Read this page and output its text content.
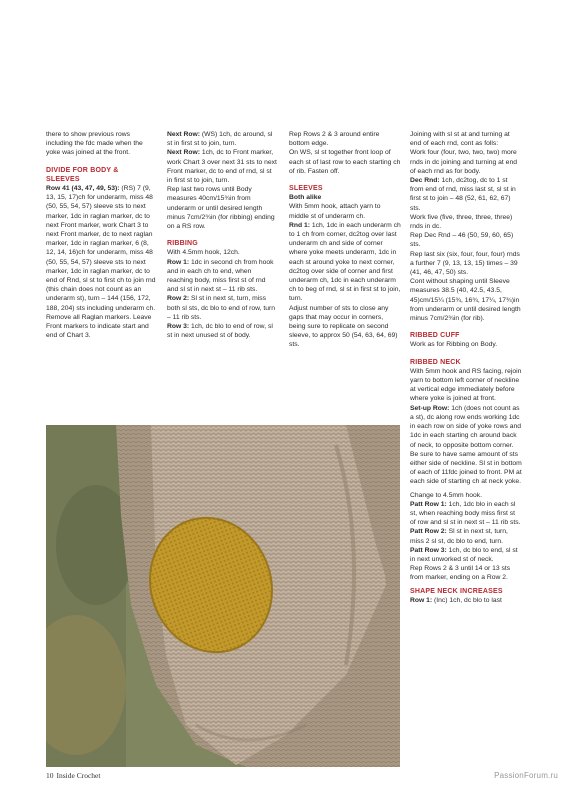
there to show previous rows including the fdc made when the yoke was joined at the front.

DIVIDE FOR BODY &

SLEEVES

Row 41 (43, 47, 49, 53): (RS) 7 (9, 13, 15, 17)ch for underarm, miss 48 (50, 55, 54, 57) sleeve sts to next marker, 1dc in raglan marker, dc to next Front marker, work Chart 3 to next Front marker, dc to next raglan marker, 1dc in raglan marker, 6 (8, 12, 14, 16)ch for underarm, miss 48 (50, 55, 54, 57) sleeve sts to next marker, 1dc in raglan marker, dc to end of Rnd, sl st to first ch to join rnd (this chain does not count as an underarm st), turn – 144 (156, 172, 188, 204) sts including underarm ch. Remove all Raglan markers. Leave Front markers to indicate start and end of Chart 3.

Next Row: (WS) 1ch, dc around, sl st in first st to join, turn.

Next Row: 1ch, dc to Front marker, work Chart 3 over next 31 sts to next Front marker, dc to end of rnd, sl st in first st to join, turn.

Rep last two rows until Body measures 40cm/15¾in from underarm or until desired length minus 7cm/2¾in (for ribbing) ending on a RS row.

RIBBING

With 4.5mm hook, 12ch.

Row 1: 1dc in second ch from hook and in each ch to end, when reaching body, miss first st of rnd and sl st in next st – 11 rib sts.

Row 2: Sl st in next st, turn, miss both sl sts, dc blo to end of row, turn – 11 rib sts.

Row 3: 1ch, dc blo to end of row, sl st in next unused st of body.

Rep Rows 2 & 3 around entire bottom edge.

On WS, sl st together front loop of each st of last row to each starting ch of rib. Fasten off.

SLEEVES

Both alike

With 5mm hook, attach yarn to middle st of underarm ch.

Rnd 1: 1ch, 1dc in each underarm ch to 1 ch from corner, dc2tog over last underarm ch and side of corner where yoke meets underarm, 1dc in each st around yoke to next corner, dc2tog over side of corner and first underarm ch, 1dc in each underarm ch to beg of rnd, sl st in first st to join, turn.

Adjust number of sts to close any gaps that may occur in corners, being sure to replicate on second sleeve, to approx 50 (54, 63, 64, 69) sts.

Joining with sl st at and turning at end of each rnd, cont as folls:

Work four (four, two, two, two) more rnds in dc joining and turning at end of each rnd as for body.

Dec Rnd: 1ch, dc2tog, dc to 1 st from end of rnd, miss last st, sl st in first st to join – 48 (52, 61, 62, 67) sts.

Work five (five, three, three, three) rnds in dc.

Rep Dec Rnd – 46 (50, 59, 60, 65) sts.

Rep last six (six, four, four, four) rnds a further 7 (9, 13, 13, 15) times – 39 (41, 46, 47, 50) sts.

Cont without shaping until Sleeve measures 38.5 (40, 42.5, 43.5, 45)cm/15¼ (15¾, 16¾, 17¼, 17¾)in from underarm or until desired length minus 7cm/2¾in (for rib).

RIBBED CUFF

Work as for Ribbing on Body.

RIBBED NECK

With 5mm hook and RS facing, rejoin yarn to bottom left corner of neckline at vertical edge immediately before where yoke is joined at front.

Set-up Row: 1ch (does not count as a st), dc along row ends working 1dc in each row on side of yoke rows and 1dc in each starting ch around back of neck, to opposite bottom corner. Be sure to have same amount of sts either side of neckline. Sl st in bottom of each of 11fdc joined to front. PM at each side of starting ch at neck yoke.

Change to 4.5mm hook.

Patt Row 1: 1ch, 1dc blo in each sl st, when reaching body miss first st of row and sl st in next st – 11 rib sts.

Patt Row 2: Sl st in next st, turn, miss 2 sl st, dc blo to end, turn.

Patt Row 3: 1ch, dc blo to end, sl st in next unworked st of neck.

Rep Rows 2 & 3 until 14 or 13 sts from marker, ending on a Row 2.

SHAPE NECK INCREASES

Row 1: (Inc) 1ch, dc blo to last

10 Inside Crochet	PassionForum.ru
